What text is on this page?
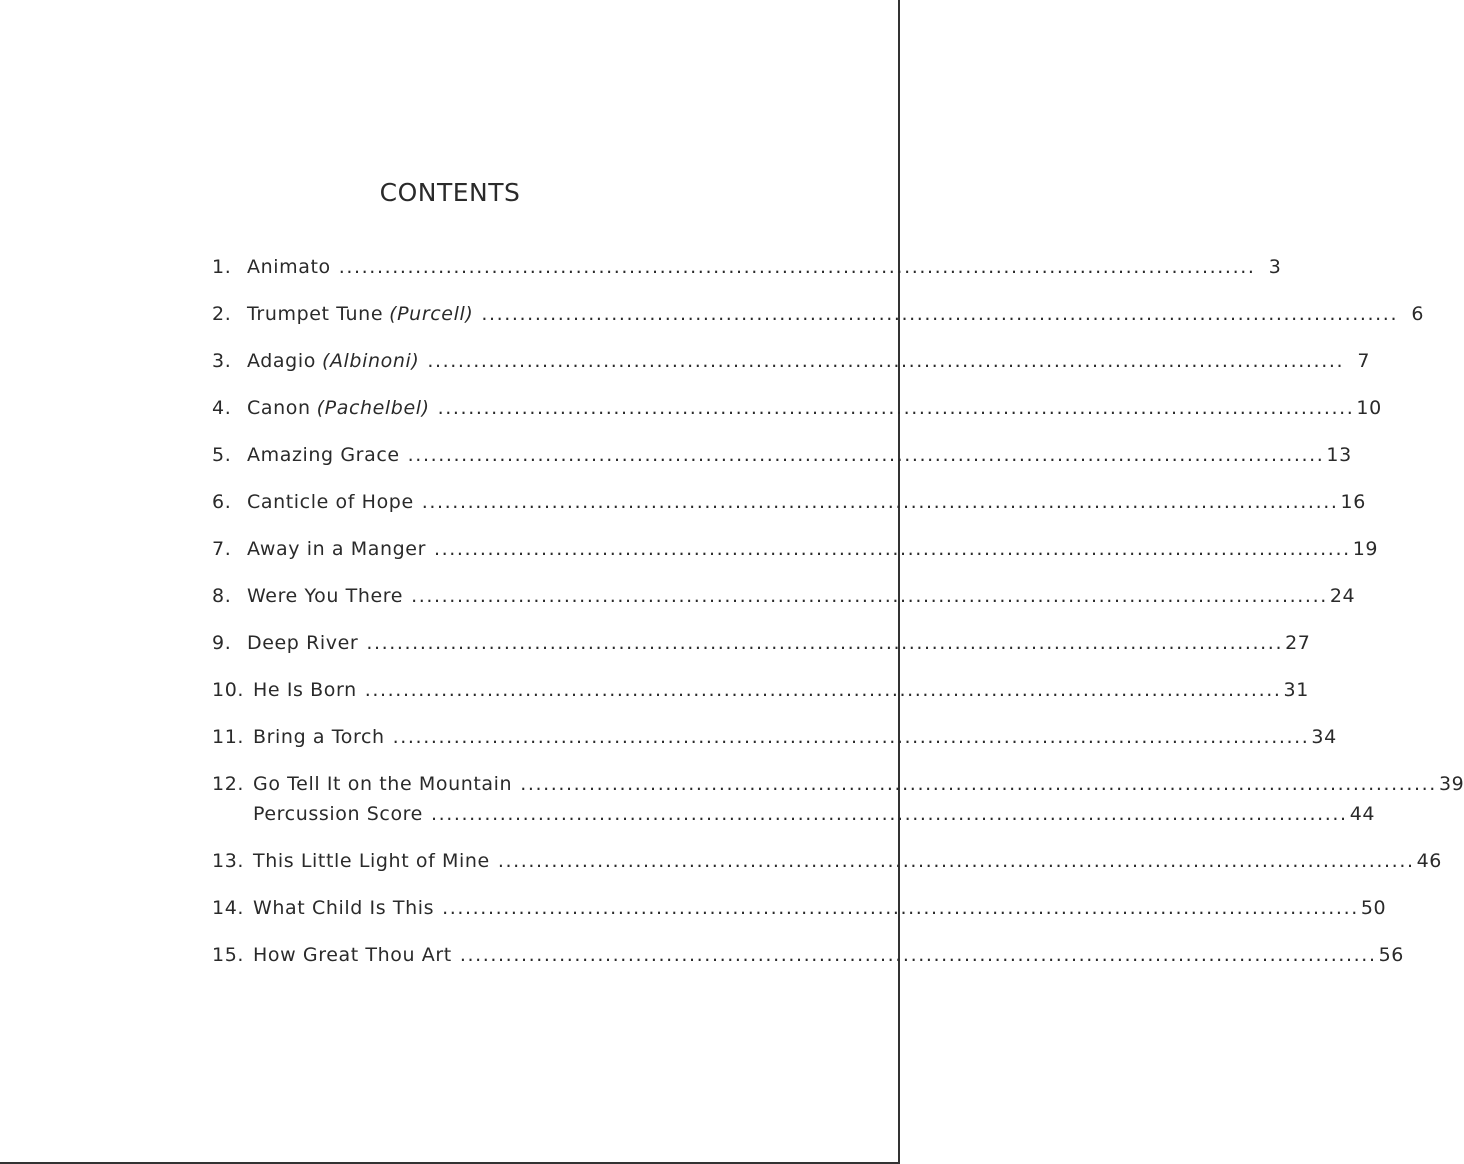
CONTENTS
1. Animato ........................................................................................................................ 3
2. Trumpet Tune (Purcell) ........................................................................................................................ 6
3. Adagio (Albinoni) ........................................................................................................................ 7
4. Canon (Pachelbel) ........................................................................................................................ 10
5. Amazing Grace ........................................................................................................................ 13
6. Canticle of Hope ........................................................................................................................ 16
7. Away in a Manger ........................................................................................................................ 19
8. Were You There ........................................................................................................................ 24
9. Deep River ........................................................................................................................ 27
10. He Is Born ........................................................................................................................ 31
11. Bring a Torch ........................................................................................................................ 34
12. Go Tell It on the Mountain ........................................................................................................................ 39
Percussion Score ........................................................................................................................ 44
13. This Little Light of Mine ........................................................................................................................ 46
14. What Child Is This ........................................................................................................................ 50
15. How Great Thou Art ........................................................................................................................ 56
